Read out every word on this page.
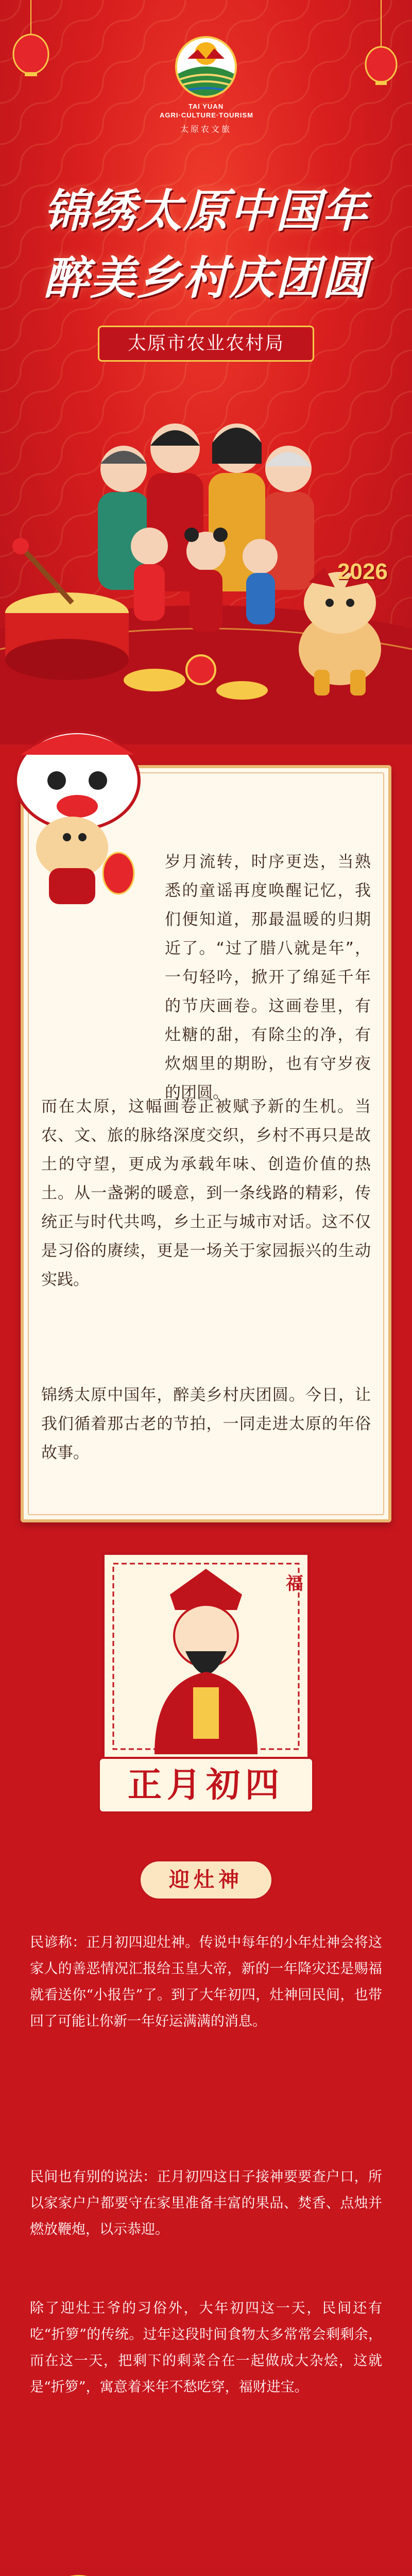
TAI YUAN
AGRI·CULTURE·TOURISM
太原农文旅
锦绣太原中国年
醉美乡村庆团圆
太原市农业农村局
2026
岁月流转，时序更迭，当熟悉的童谣再度唤醒记忆，我们便知道，那最温暖的归期近了。“过了腊八就是年”，一句轻吟，掀开了绵延千年的节庆画卷。这画卷里，有灶糖的甜，有除尘的净，有炊烟里的期盼，也有守岁夜的团圆。
而在太原，这幅画卷正被赋予新的生机。当农、文、旅的脉络深度交织，乡村不再只是故土的守望，更成为承载年味、创造价值的热土。从一盏粥的暖意，到一条线路的精彩，传统正与时代共鸣，乡土正与城市对话。这不仅是习俗的赓续，更是一场关于家园振兴的生动实践。
锦绣太原中国年，醉美乡村庆团圆。今日，让我们循着那古老的节拍，一同走进太原的年俗故事。
福
正月初四
迎灶神
民谚称：正月初四迎灶神。传说中每年的小年灶神会将这家人的善恶情况汇报给玉皇大帝，新的一年降灾还是赐福就看送你“小报告”了。到了大年初四，灶神回民间，也带回了可能让你新一年好运满满的消息。
民间也有别的说法：正月初四这日子接神要要查户口，所以家家户户都要守在家里准备丰富的果品、焚香、点烛并燃放鞭炮，以示恭迎。
除了迎灶王爷的习俗外，大年初四这一天，民间还有吃“折箩”的传统。过年这段时间食物太多常常会剩剩余，而在这一天，把剩下的剩菜合在一起做成大杂烩，这就是“折箩”，寓意着来年不愁吃穿，福财进宝。
